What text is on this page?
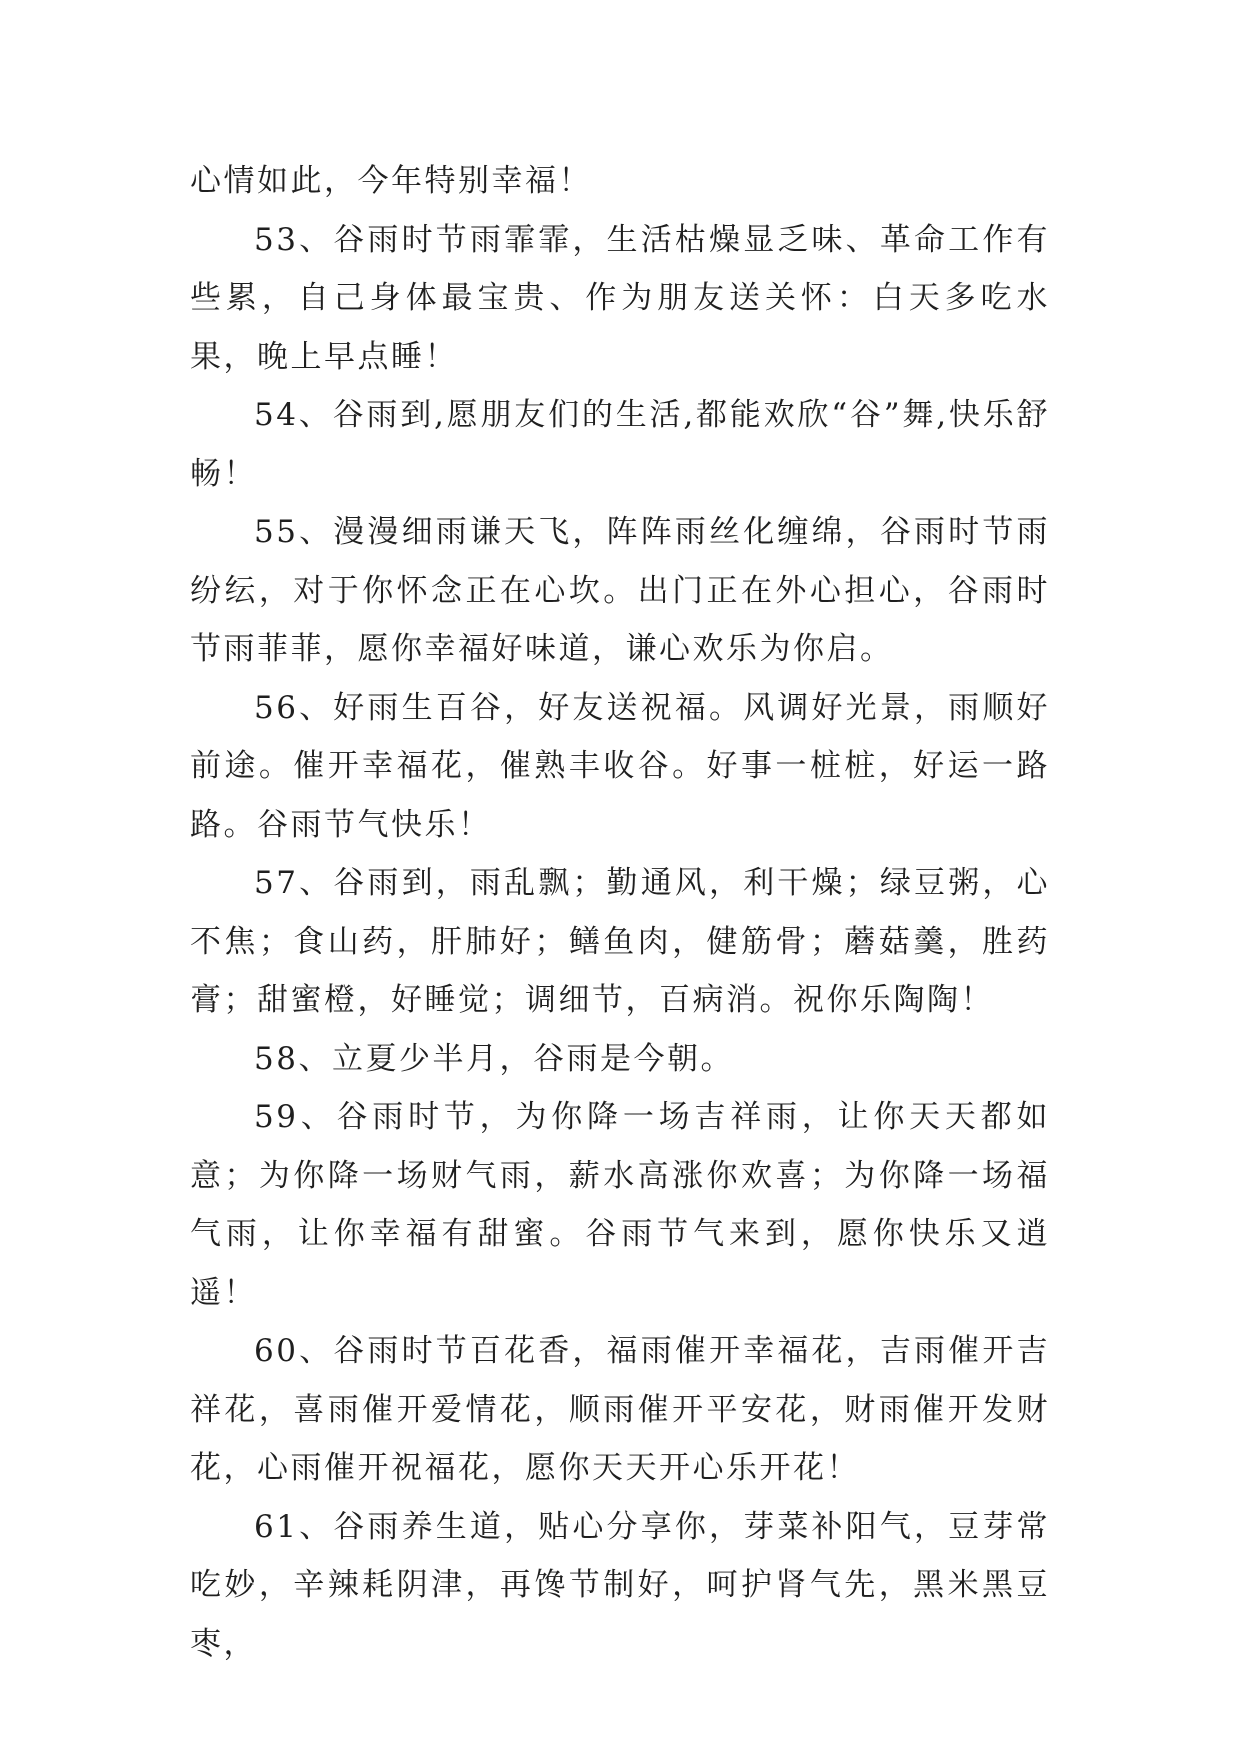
心情如此，今年特别幸福！

53、谷雨时节雨霏霏，生活枯燥显乏味、革命工作有些累，自己身体最宝贵、作为朋友送关怀：白天多吃水果，晚上早点睡！

54、谷雨到,愿朋友们的生活,都能欢欣“谷”舞,快乐舒畅！

55、漫漫细雨谦天飞，阵阵雨丝化缠绵，谷雨时节雨纷纭，对于你怀念正在心坎。出门正在外心担心，谷雨时节雨菲菲，愿你幸福好味道，谦心欢乐为你启。

56、好雨生百谷，好友送祝福。风调好光景，雨顺好前途。催开幸福花，催熟丰收谷。好事一桩桩，好运一路路。谷雨节气快乐！

57、谷雨到，雨乱飘；勤通风，利干燥；绿豆粥，心不焦；食山药，肝肺好；鳝鱼肉，健筋骨；蘑菇羹，胜药膏；甜蜜橙，好睡觉；调细节，百病消。祝你乐陶陶！

58、立夏少半月，谷雨是今朝。

59、谷雨时节，为你降一场吉祥雨，让你天天都如意；为你降一场财气雨，薪水高涨你欢喜；为你降一场福气雨，让你幸福有甜蜜。谷雨节气来到，愿你快乐又逍遥！

60、谷雨时节百花香，福雨催开幸福花，吉雨催开吉祥花，喜雨催开爱情花，顺雨催开平安花，财雨催开发财花，心雨催开祝福花，愿你天天开心乐开花！

61、谷雨养生道，贴心分享你，芽菜补阳气，豆芽常吃妙，辛辣耗阴津，再馋节制好，呵护肾气先，黑米黑豆枣，
